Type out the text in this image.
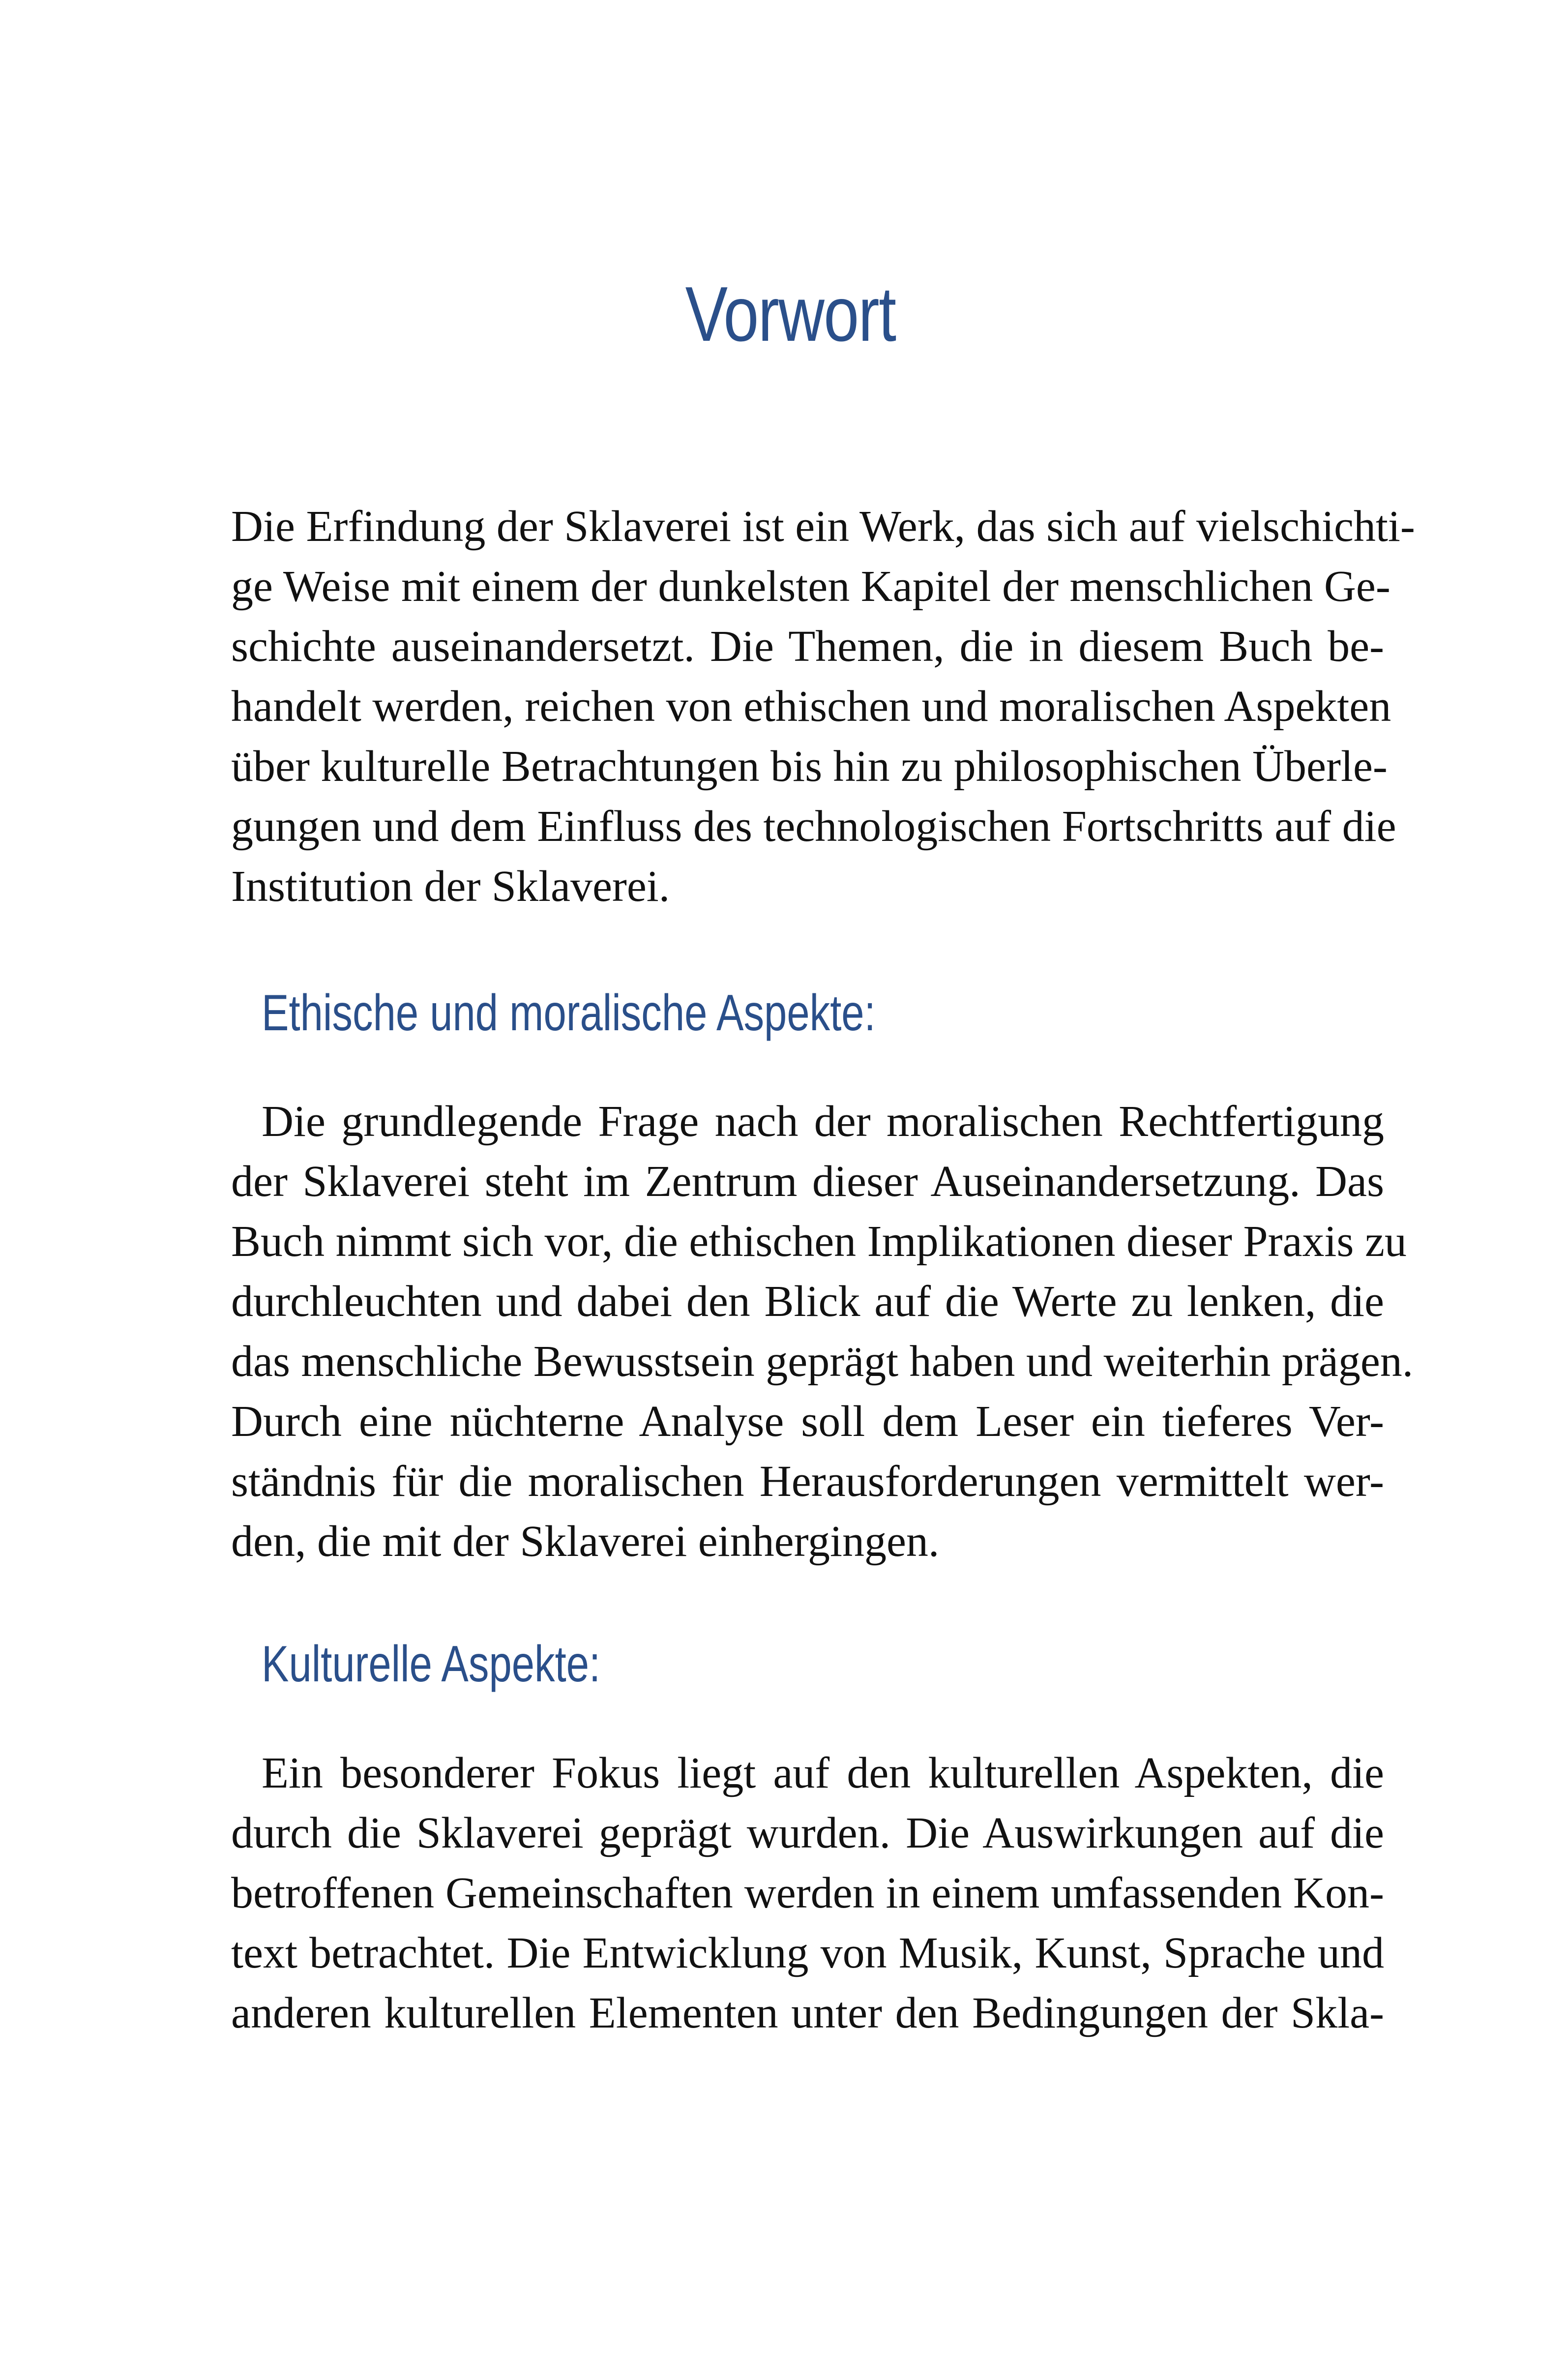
Vorwort
Die Erfindung der Sklaverei ist ein Werk, das sich auf vielschichti-
ge Weise mit einem der dunkelsten Kapitel der menschlichen Ge-
schichte auseinandersetzt. Die Themen, die in diesem Buch be-
handelt werden, reichen von ethischen und moralischen Aspekten
über kulturelle Betrachtungen bis hin zu philosophischen Überle-
gungen und dem Einfluss des technologischen Fortschritts auf die
Institution der Sklaverei.
Ethische und moralische Aspekte:
Die grundlegende Frage nach der moralischen Rechtfertigung
der Sklaverei steht im Zentrum dieser Auseinandersetzung. Das
Buch nimmt sich vor, die ethischen Implikationen dieser Praxis zu
durchleuchten und dabei den Blick auf die Werte zu lenken, die
das menschliche Bewusstsein geprägt haben und weiterhin prägen.
Durch eine nüchterne Analyse soll dem Leser ein tieferes Ver-
ständnis für die moralischen Herausforderungen vermittelt wer-
den, die mit der Sklaverei einhergingen.
Kulturelle Aspekte:
Ein besonderer Fokus liegt auf den kulturellen Aspekten, die
durch die Sklaverei geprägt wurden. Die Auswirkungen auf die
betroffenen Gemeinschaften werden in einem umfassenden Kon-
text betrachtet. Die Entwicklung von Musik, Kunst, Sprache und
anderen kulturellen Elementen unter den Bedingungen der Skla-
